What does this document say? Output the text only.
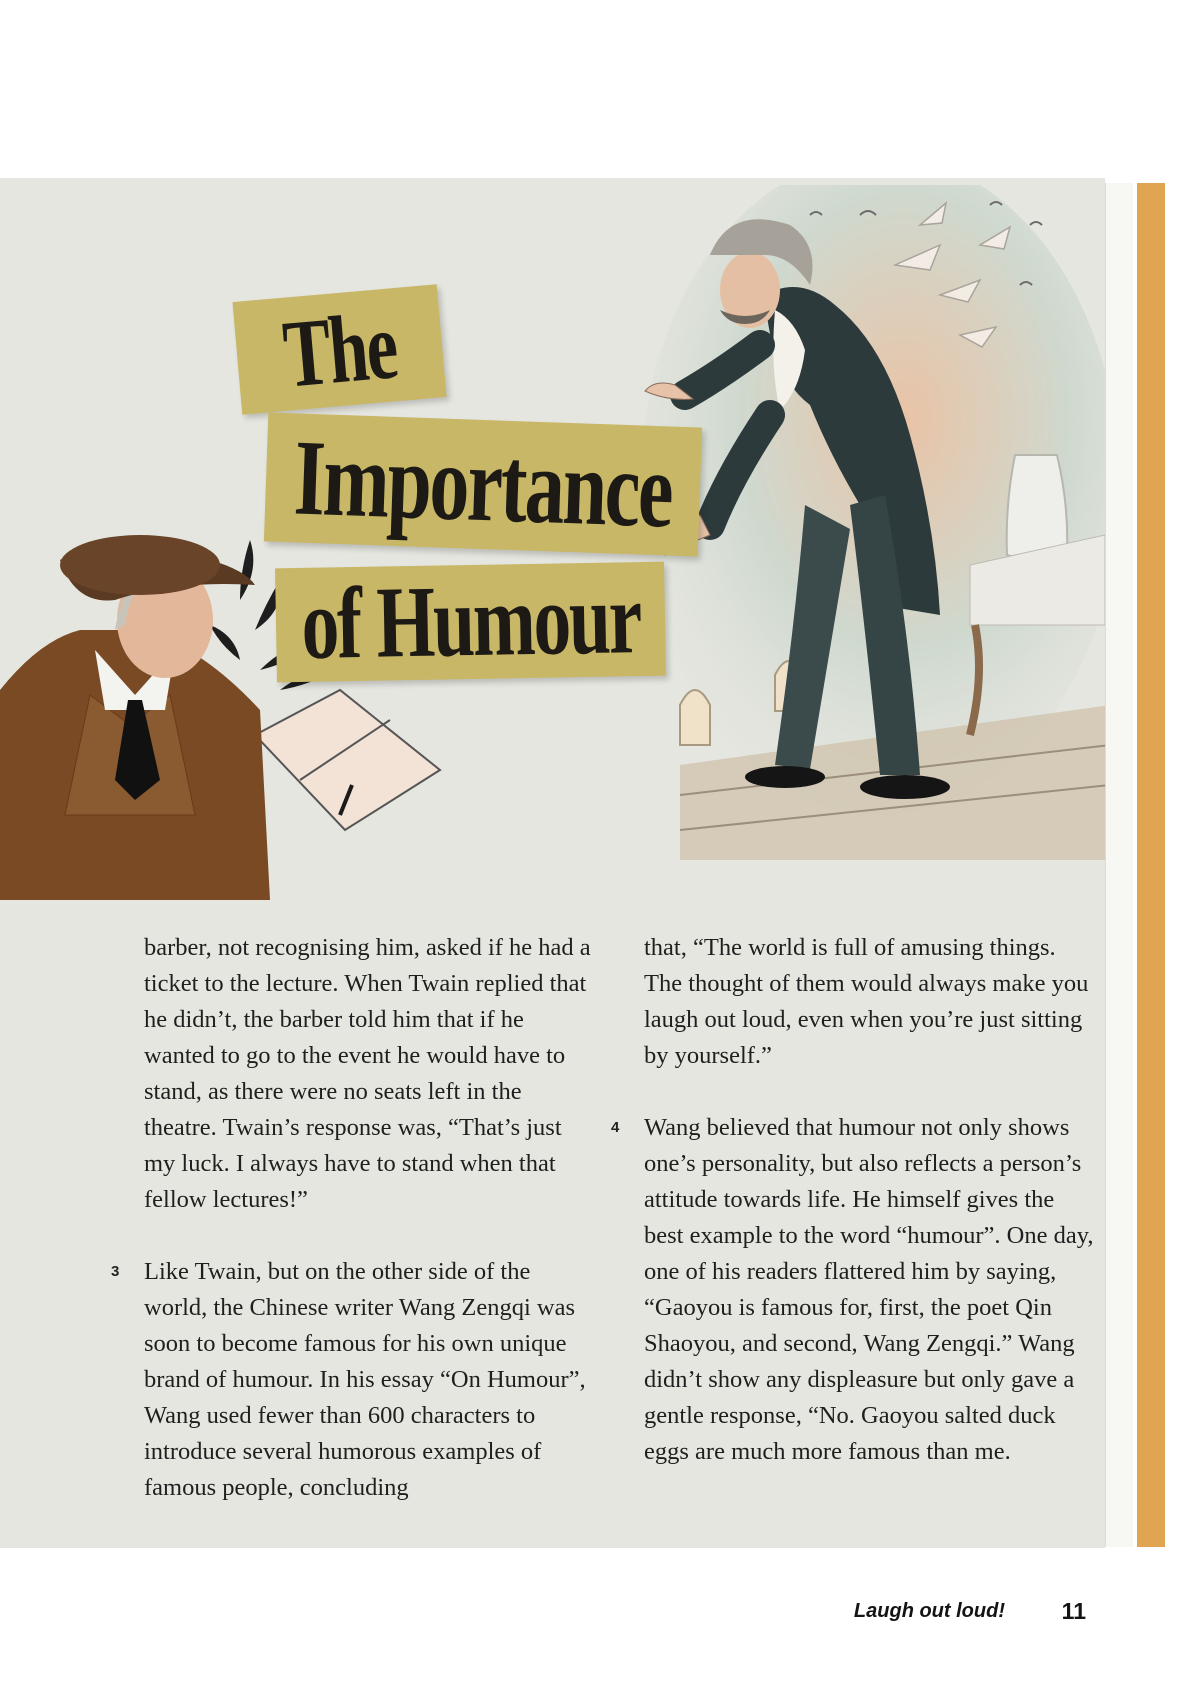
The
Importance
of Humour

barber, not recognising him, asked if he had a ticket to the lecture. When Twain replied that he didn’t, the barber told him that if he wanted to go to the event he would have to stand, as there were no seats left in the theatre. Twain’s response was, “That’s just my luck. I always have to stand when that fellow lectures!”

3 Like Twain, but on the other side of the world, the Chinese writer Wang Zengqi was soon to become famous for his own unique brand of humour. In his essay “On Humour”, Wang used fewer than 600 characters to introduce several humorous examples of famous people, concluding

that, “The world is full of amusing things. The thought of them would always make you laugh out loud, even when you’re just sitting by yourself.”

4 Wang believed that humour not only shows one’s personality, but also reflects a person’s attitude towards life. He himself gives the best example to the word “humour”. One day, one of his readers flattered him by saying, “Gaoyou is famous for, first, the poet Qin Shaoyou, and second, Wang Zengqi.” Wang didn’t show any displeasure but only gave a gentle response, “No. Gaoyou salted duck eggs are much more famous than me.

Laugh out loud! 11
